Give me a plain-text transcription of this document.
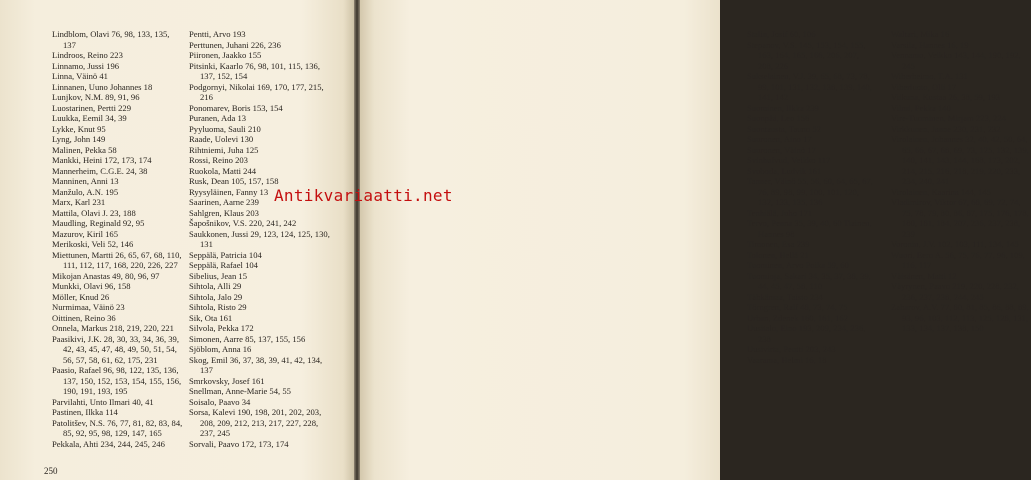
Lindblom, Olavi 76, 98, 133, 135, 137
Lindroos, Reino 223
Linnamo, Jussi 196
Linna, Väinö 41
Linnanen, Uuno Johannes 18
Lunjkov, N.M. 89, 91, 96
Luostarinen, Pertti 229
Luukka, Eemil 34, 39
Lykke, Knut 95
Lyng, John 149
Malinen, Pekka 58
Mankki, Heini 172, 173, 174
Mannerheim, C.G.E. 24, 38
Manninen, Anni 13
Manžulo, A.N. 195
Marx, Karl 231
Mattila, Olavi J. 23, 188
Maudling, Reginald 92, 95
Mazurov, Kiril 165
Merikoski, Veli 52, 146
Miettunen, Martti 26, 65, 67, 68, 110, 111, 112, 117, 168, 220, 226, 227
Mikojan Anastas 49, 80, 96, 97
Munkki, Olavi 96, 158
Möller, Knud 26
Nurmimaa, Väinö 23
Oittinen, Reino 36
Onnela, Markus 218, 219, 220, 221
Paasikivi, J.K. 28, 30, 33, 34, 36, 39, 42, 43, 45, 47, 48, 49, 50, 51, 54, 56, 57, 58, 61, 62, 175, 231
Paasio, Rafael 96, 98, 122, 135, 136, 137, 150, 152, 153, 154, 155, 156, 190, 191, 193, 195
Parvilahti, Unto Ilmari 40, 41
Pastinen, Ilkka 114
Patolitšev, N.S. 76, 77, 81, 82, 83, 84, 85, 92, 95, 98, 129, 147, 165
Pekkala, Ahti 234, 244, 245, 246
Pentti, Arvo 193
Perttunen, Juhani 226, 236
Piironen, Jaakko 155
Pitsinki, Kaarlo 76, 98, 101, 115, 136, 137, 152, 154
Podgornyi, Nikolai 169, 170, 177, 215, 216
Ponomarev, Boris 153, 154
Puranen, Ada 13
Pyyluoma, Sauli 210
Raade, Uolevi 130
Rihtniemi, Juha 125
Rossi, Reino 203
Ruokola, Matti 244
Rusk, Dean 105, 157, 158
Ryysyläinen, Fanny 13
Saarinen, Aarne 239
Sahlgren, Klaus 203
Šapošnikov, V.S. 220, 241, 242
Saukkonen, Jussi 29, 123, 124, 125, 130, 131
Seppälä, Patricia 104
Seppälä, Rafael 104
Sibelius, Jean 15
Sihtola, Alli 29
Sihtola, Jalo 29
Sihtola, Risto 29
Sik, Ota 161
Silvola, Pekka 172
Simonen, Aarre 85, 137, 155, 156
Sjöblom, Anna 16
Skog, Emil 36, 37, 38, 39, 41, 42, 134, 137
Smrkovsky, Josef 161
Snellman, Anne-Marie 54, 55
Soisalo, Paavo 34
Sorsa, Kalevi 190, 198, 201, 202, 203, 208, 209, 212, 213, 217, 227, 228, 237, 245
Sorvali, Paavo 172, 173, 174
250
Stalin, Josif 60, 106
Stepanov, V.S. 145, 153, 154, 155, 163, 164, 165, 166, 206, 207, 208, 226
Sukselainen, V.J. 39, 65, 68, 73, 78, 99, 101, 131, 132, 138, 139, 140, 141, 142
Suominen, Ilkka 239
Suonpää, Leo 156
Suontausta, Tauno 52
Suuronen, Aino 17
Suuronen, Väinö 17
Svinhufvud, Veikko 117
Svoboda, Ludvik 161
Tanner, Väinö 55, 56, 60, 64, 65, 67, 76, 89, 98, 99, 100, 101, 120, 132, 133, 135, 136
Tenhiälä, Juho 171
Tervo, Penna 35, 39, 40, 60 Tiainen, Hannes 98
Timonen, Esa 239
Tolonen, Hellä 21
Tuominen, Arvo Poika 59, 60
Tuomioja, Sakari 34, 35, 37, 38, 39, 44, 45, 47, 58, 110
Tähkämaa, Taisto 234
Törngren, Ralf 48, 73, 74, 75
Urban, Zdenek 160, 161, 162
Uusitalo, Eino 193, 209, 234, 236, 238
Uusivirta, Pentti 203, 243
Vaarama, Helmi 16, 18
Waltari, Mika 16
Varsila, Hannes 16, 19
Vennamo, Veikko 143, 144, 190, 192, 245
Wiherheimo, T.A. 131
Viherluoto, Olli 17
Viikuna, Kustaa 26, 38, 59, 193
Vilmi, Pekka 140
Vire-Tuominen, Mirjam 223, 224
Virkkunen, Janne 230, 231, 232
Virolainen, Johannes 32, 40, 42, 50, 64, 65, 66, 67, 68, 69, 73, 125, 132, 139, 140, 141, 143, 144, 168, 173, 202, 214, 215, 216, 218, 219, 220, 233, 234, 240, 241
Virolainen, Kaarina 144, 145
Vladimirov, Viktor 67, 68, 69, 72, 74, 75, 78, 79, 80, 86, 87, 175, 176, 178, 180, 181, 184, 207, 236, 237, 238, 239
Voronin, J.V. 102, 103, 111, 134, 145
Wuori, Eero A. 56, 75, 76, 77, 96, 109, 116, 117
Väisänen, Matti 12
Väyrynen, Paavo 219, 220, 228, 232, 236, 237, 238, 244, 245
Zaharov, A.V. 77, 80, 81, 85, 86, 88, 89, 93, 96, 103, 112, 113, 125, 128, 131, 133, 134, 137, 138, 150
Antikvariaatti.net
